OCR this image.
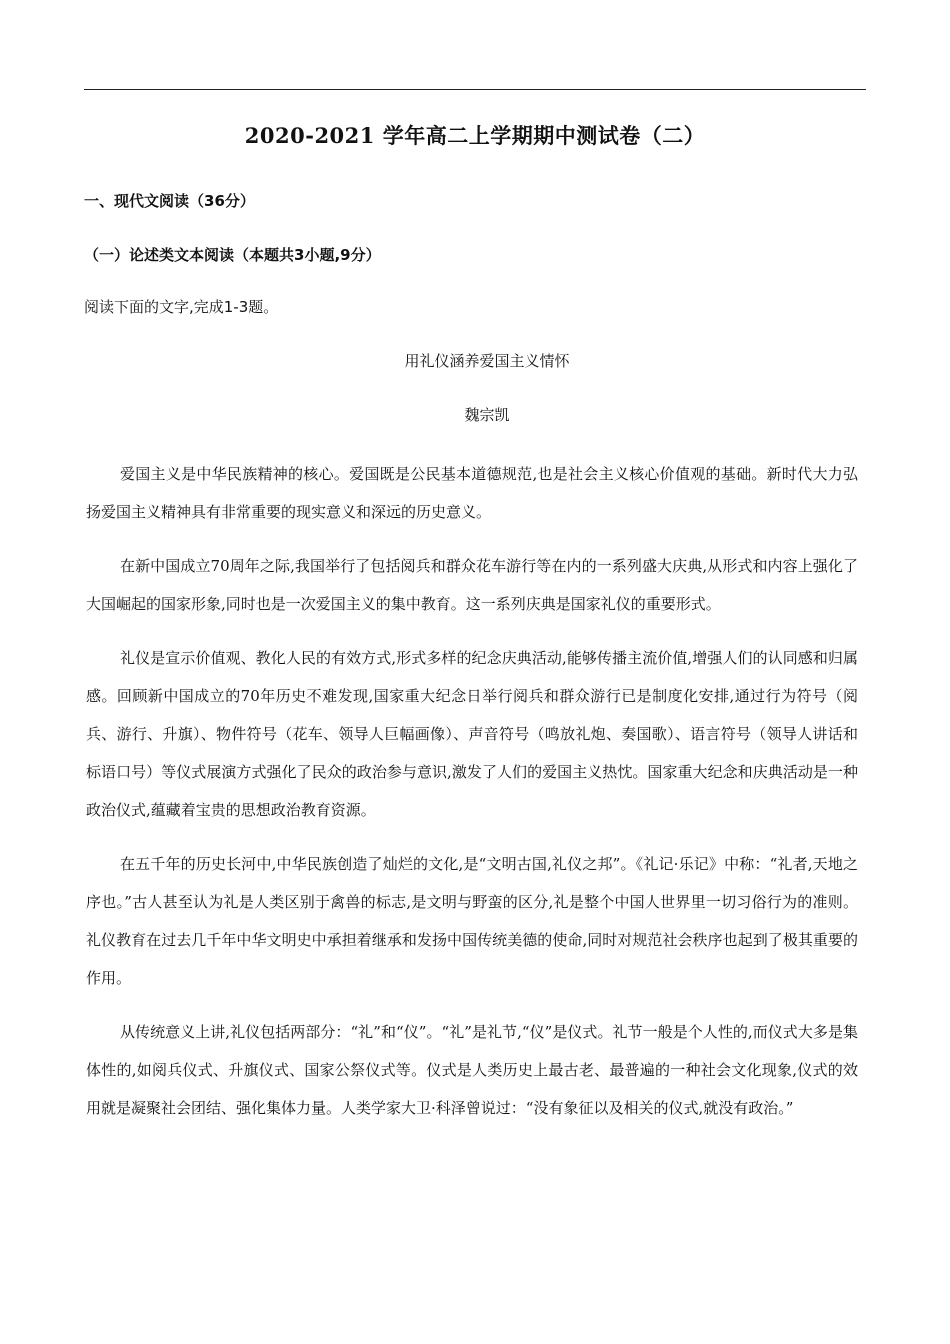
2020-2021 学年高二上学期期中测试卷（二）
一、现代文阅读（36分）
（一）论述类文本阅读（本题共3小题,9分）
阅读下面的文字,完成1-3题。
用礼仪涵养爱国主义情怀
魏宗凯

爱国主义是中华民族精神的核心。爱国既是公民基本道德规范,也是社会主义核心价值观的基础。新时代大力弘扬爱国主义精神具有非常重要的现实意义和深远的历史意义。

在新中国成立70周年之际,我国举行了包括阅兵和群众花车游行等在内的一系列盛大庆典,从形式和内容上强化了大国崛起的国家形象,同时也是一次爱国主义的集中教育。这一系列庆典是国家礼仪的重要形式。

礼仪是宣示价值观、教化人民的有效方式,形式多样的纪念庆典活动,能够传播主流价值,增强人们的认同感和归属感。回顾新中国成立的70年历史不难发现,国家重大纪念日举行阅兵和群众游行已是制度化安排,通过行为符号（阅兵、游行、升旗）、物件符号（花车、领导人巨幅画像）、声音符号（鸣放礼炮、奏国歌）、语言符号（领导人讲话和标语口号）等仪式展演方式强化了民众的政治参与意识,激发了人们的爱国主义热忱。国家重大纪念和庆典活动是一种政治仪式,蕴藏着宝贵的思想政治教育资源。

在五千年的历史长河中,中华民族创造了灿烂的文化,是“文明古国,礼仪之邦”。《礼记·乐记》中称：“礼者,天地之序也。”古人甚至认为礼是人类区别于禽兽的标志,是文明与野蛮的区分,礼是整个中国人世界里一切习俗行为的准则。礼仪教育在过去几千年中华文明史中承担着继承和发扬中国传统美德的使命,同时对规范社会秩序也起到了极其重要的作用。

从传统意义上讲,礼仪包括两部分：“礼”和“仪”。“礼”是礼节,“仪”是仪式。礼节一般是个人性的,而仪式大多是集体性的,如阅兵仪式、升旗仪式、国家公祭仪式等。仪式是人类历史上最古老、最普遍的一种社会文化现象,仪式的效用就是凝聚社会团结、强化集体力量。人类学家大卫·科泽曾说过：“没有象征以及相关的仪式,就没有政治。”
